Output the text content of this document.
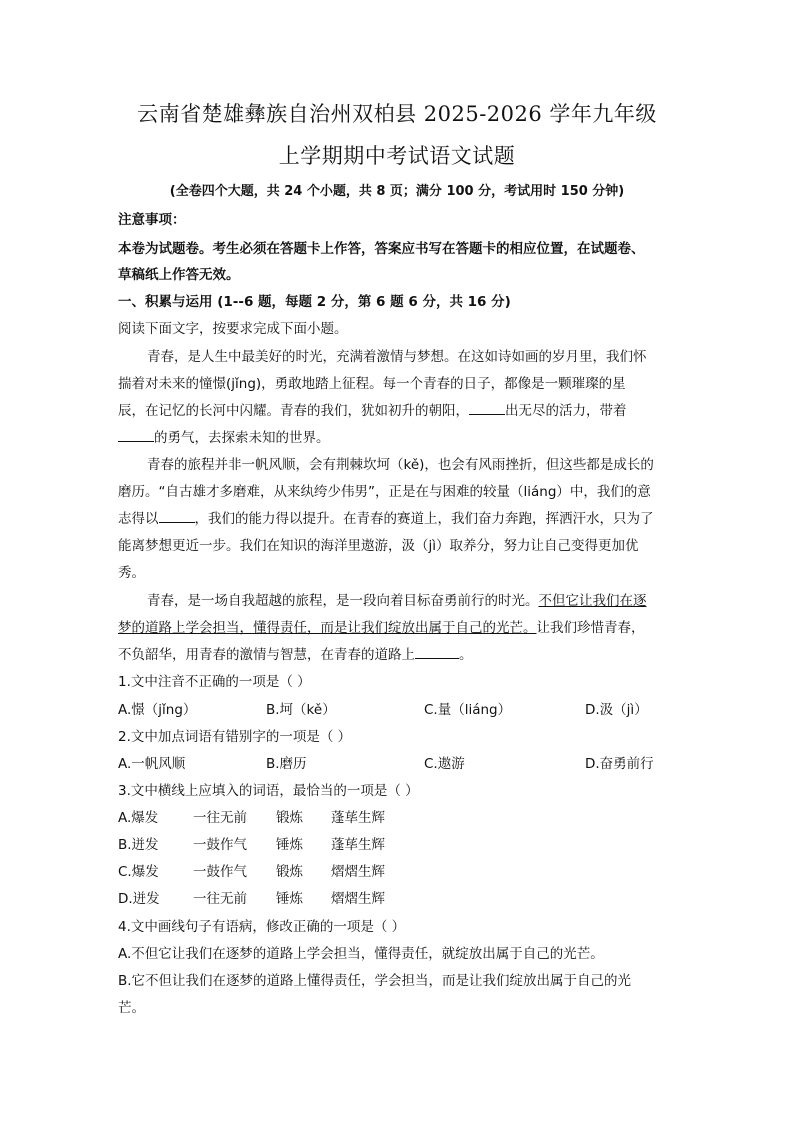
云南省楚雄彝族自治州双柏县 2025-2026 学年九年级
上学期期中考试语文试题
(全卷四个大题，共 24 个小题，共 8 页；满分 100 分，考试用时 150 分钟)
注意事项：
本卷为试题卷。考生必须在答题卡上作答，答案应书写在答题卡的相应位置，在试题卷、
草稿纸上作答无效。
一、积累与运用 (1--6 题，每题 2 分，第 6 题 6 分，共 16 分)
阅读下面文字，按要求完成下面小题。
青春，是人生中最美好的时光，充满着激情与梦想。在这如诗如画的岁月里，我们怀
揣着对未来的憧憬(jǐng)，勇敢地踏上征程。每一个青春的日子，都像是一颗璀璨的星
辰，在记忆的长河中闪耀。青春的我们，犹如初升的朝阳，	出无尽的活力，带着
的勇气，去探索未知的世界。
青春的旅程并非一帆风顺，会有荆棘坎坷（kě)，也会有风雨挫折，但这些都是成长的
磨历。“自古雄才多磨难，从来纨绔少伟男”，正是在与困难的较量（liáng）中，我们的意
志得以	，我们的能力得以提升。在青春的赛道上，我们奋力奔跑，挥洒汗水，只为了
能离梦想更近一步。我们在知识的海洋里遨游，汲（jì）取养分，努力让自己变得更加优
秀。
青春，是一场自我超越的旅程，是一段向着目标奋勇前行的时光。不但它让我们在逐
梦的道路上学会担当，懂得责任，而是让我们绽放出属于自己的光芒。让我们珍惜青春，
不负韶华，用青春的激情与智慧，在青春的道路上	。
1.文中注音不正确的一项是（ ）
A.憬（jǐng）	B.坷（kě）	C.量（liáng）	D.汲（jì）
2.文中加点词语有错别字的一项是（ ）
A.一帆风顺	B.磨历	C.遨游	D.奋勇前行
3.文中横线上应填入的词语，最恰当的一项是（ ）
A.爆发	一往无前 锻炼 蓬荜生辉
B.迸发	一鼓作气 锤炼 蓬荜生辉
C.爆发	一鼓作气 锻炼 熠熠生辉
D.迸发 一往无前 锤炼 熠熠生辉
4.文中画线句子有语病，修改正确的一项是（ ）
A.不但它让我们在逐梦的道路上学会担当，懂得责任，就绽放出属于自己的光芒。
B.它不但让我们在逐梦的道路上懂得责任，学会担当，而是让我们绽放出属于自己的光
芒。
